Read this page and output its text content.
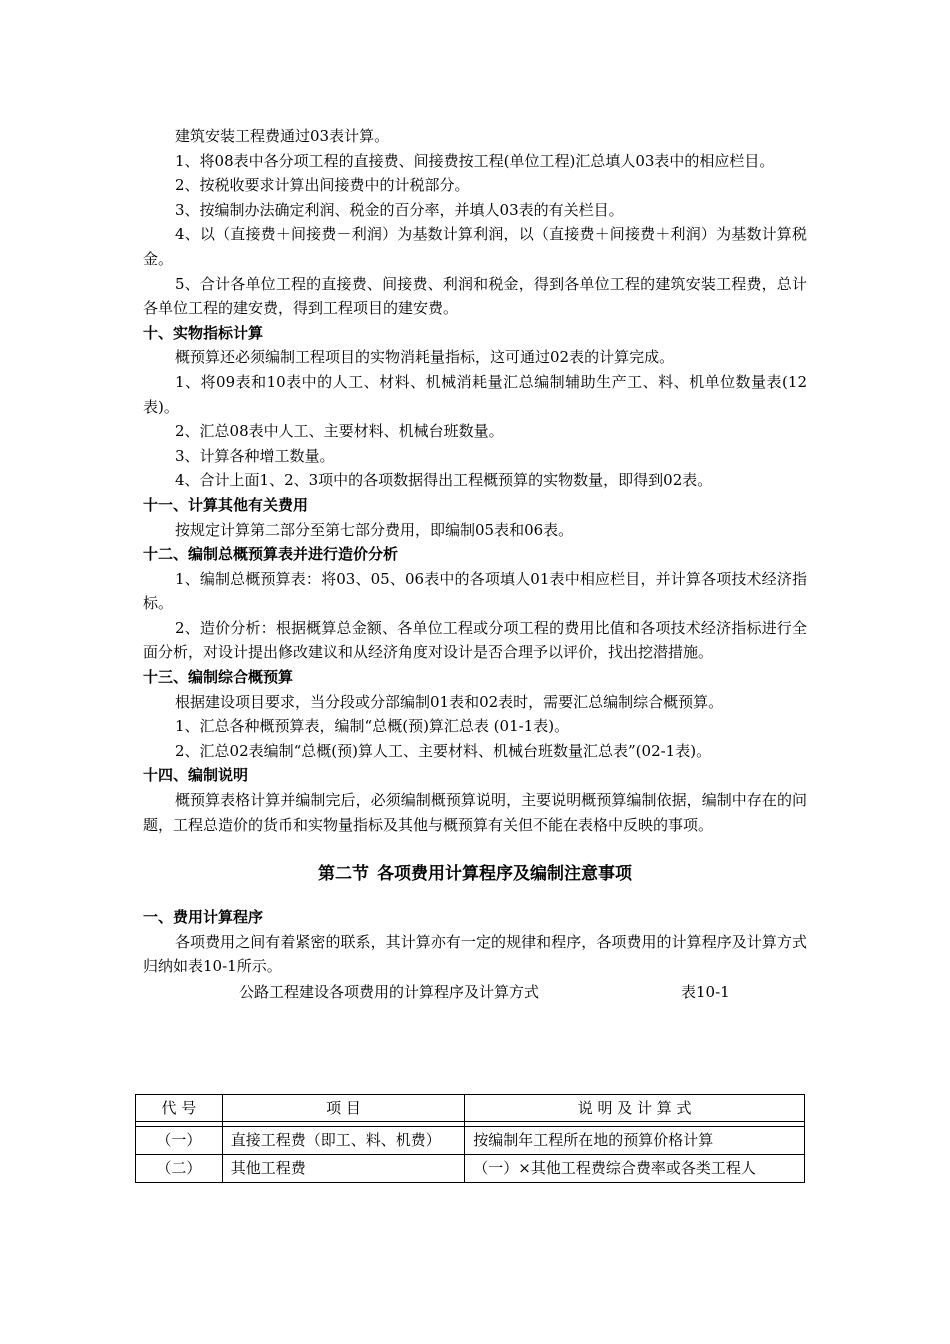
建筑安装工程费通过03表计算。

1、将08表中各分项工程的直接费、间接费按工程(单位工程)汇总填人03表中的相应栏目。

2、按税收要求计算出间接费中的计税部分。

3、按编制办法确定利润、税金的百分率，并填人03表的有关栏目。

4、以（直接费＋间接费－利润）为基数计算利润，以（直接费＋间接费＋利润）为基数计算税金。

5、合计各单位工程的直接费、间接费、利润和税金，得到各单位工程的建筑安装工程费，总计各单位工程的建安费，得到工程项目的建安费。

十、实物指标计算

概预算还必须编制工程项目的实物消耗量指标，这可通过02表的计算完成。

1、将09表和10表中的人工、材料、机械消耗量汇总编制辅助生产工、料、机单位数量表(12表)。

2、汇总08表中人工、主要材料、机械台班数量。

3、计算各种增工数量。

4、合计上面1、2、3项中的各项数据得出工程概预算的实物数量，即得到02表。

十一、计算其他有关费用

按规定计算第二部分至第七部分费用，即编制05表和06表。

十二、编制总概预算表并进行造价分析

1、编制总概预算表：将03、05、06表中的各项填人01表中相应栏目，并计算各项技术经济指标。

2、造价分析：根据概算总金额、各单位工程或分项工程的费用比值和各项技术经济指标进行全面分析，对设计提出修改建议和从经济角度对设计是否合理予以评价，找出挖潜措施。

十三、编制综合概预算

根据建设项目要求，当分段或分部编制01表和02表时，需要汇总编制综合概预算。

1、汇总各种概预算表，编制“总概(预)算汇总表 (01-1表)。

2、汇总02表编制“总概(预)算人工、主要材料、机械台班数量汇总表”(02-1表)。

十四、编制说明

概预算表格计算并编制完后，必须编制概预算说明，主要说明概预算编制依据，编制中存在的问题，工程总造价的货币和实物量指标及其他与概预算有关但不能在表格中反映的事项。

第二节 各项费用计算程序及编制注意事项

一、费用计算程序

各项费用之间有着紧密的联系，其计算亦有一定的规律和程序，各项费用的计算程序及计算方式归纳如表10-1所示。

公路工程建设各项费用的计算程序及计算方式	表10-1
代 号	项 目	说 明 及 计 算 式

（一）	直接工程费（即工、料、机费）	按编制年工程所在地的预算价格计算
（二）	其他工程费	（一）×其他工程费综合费率或各类工程人
